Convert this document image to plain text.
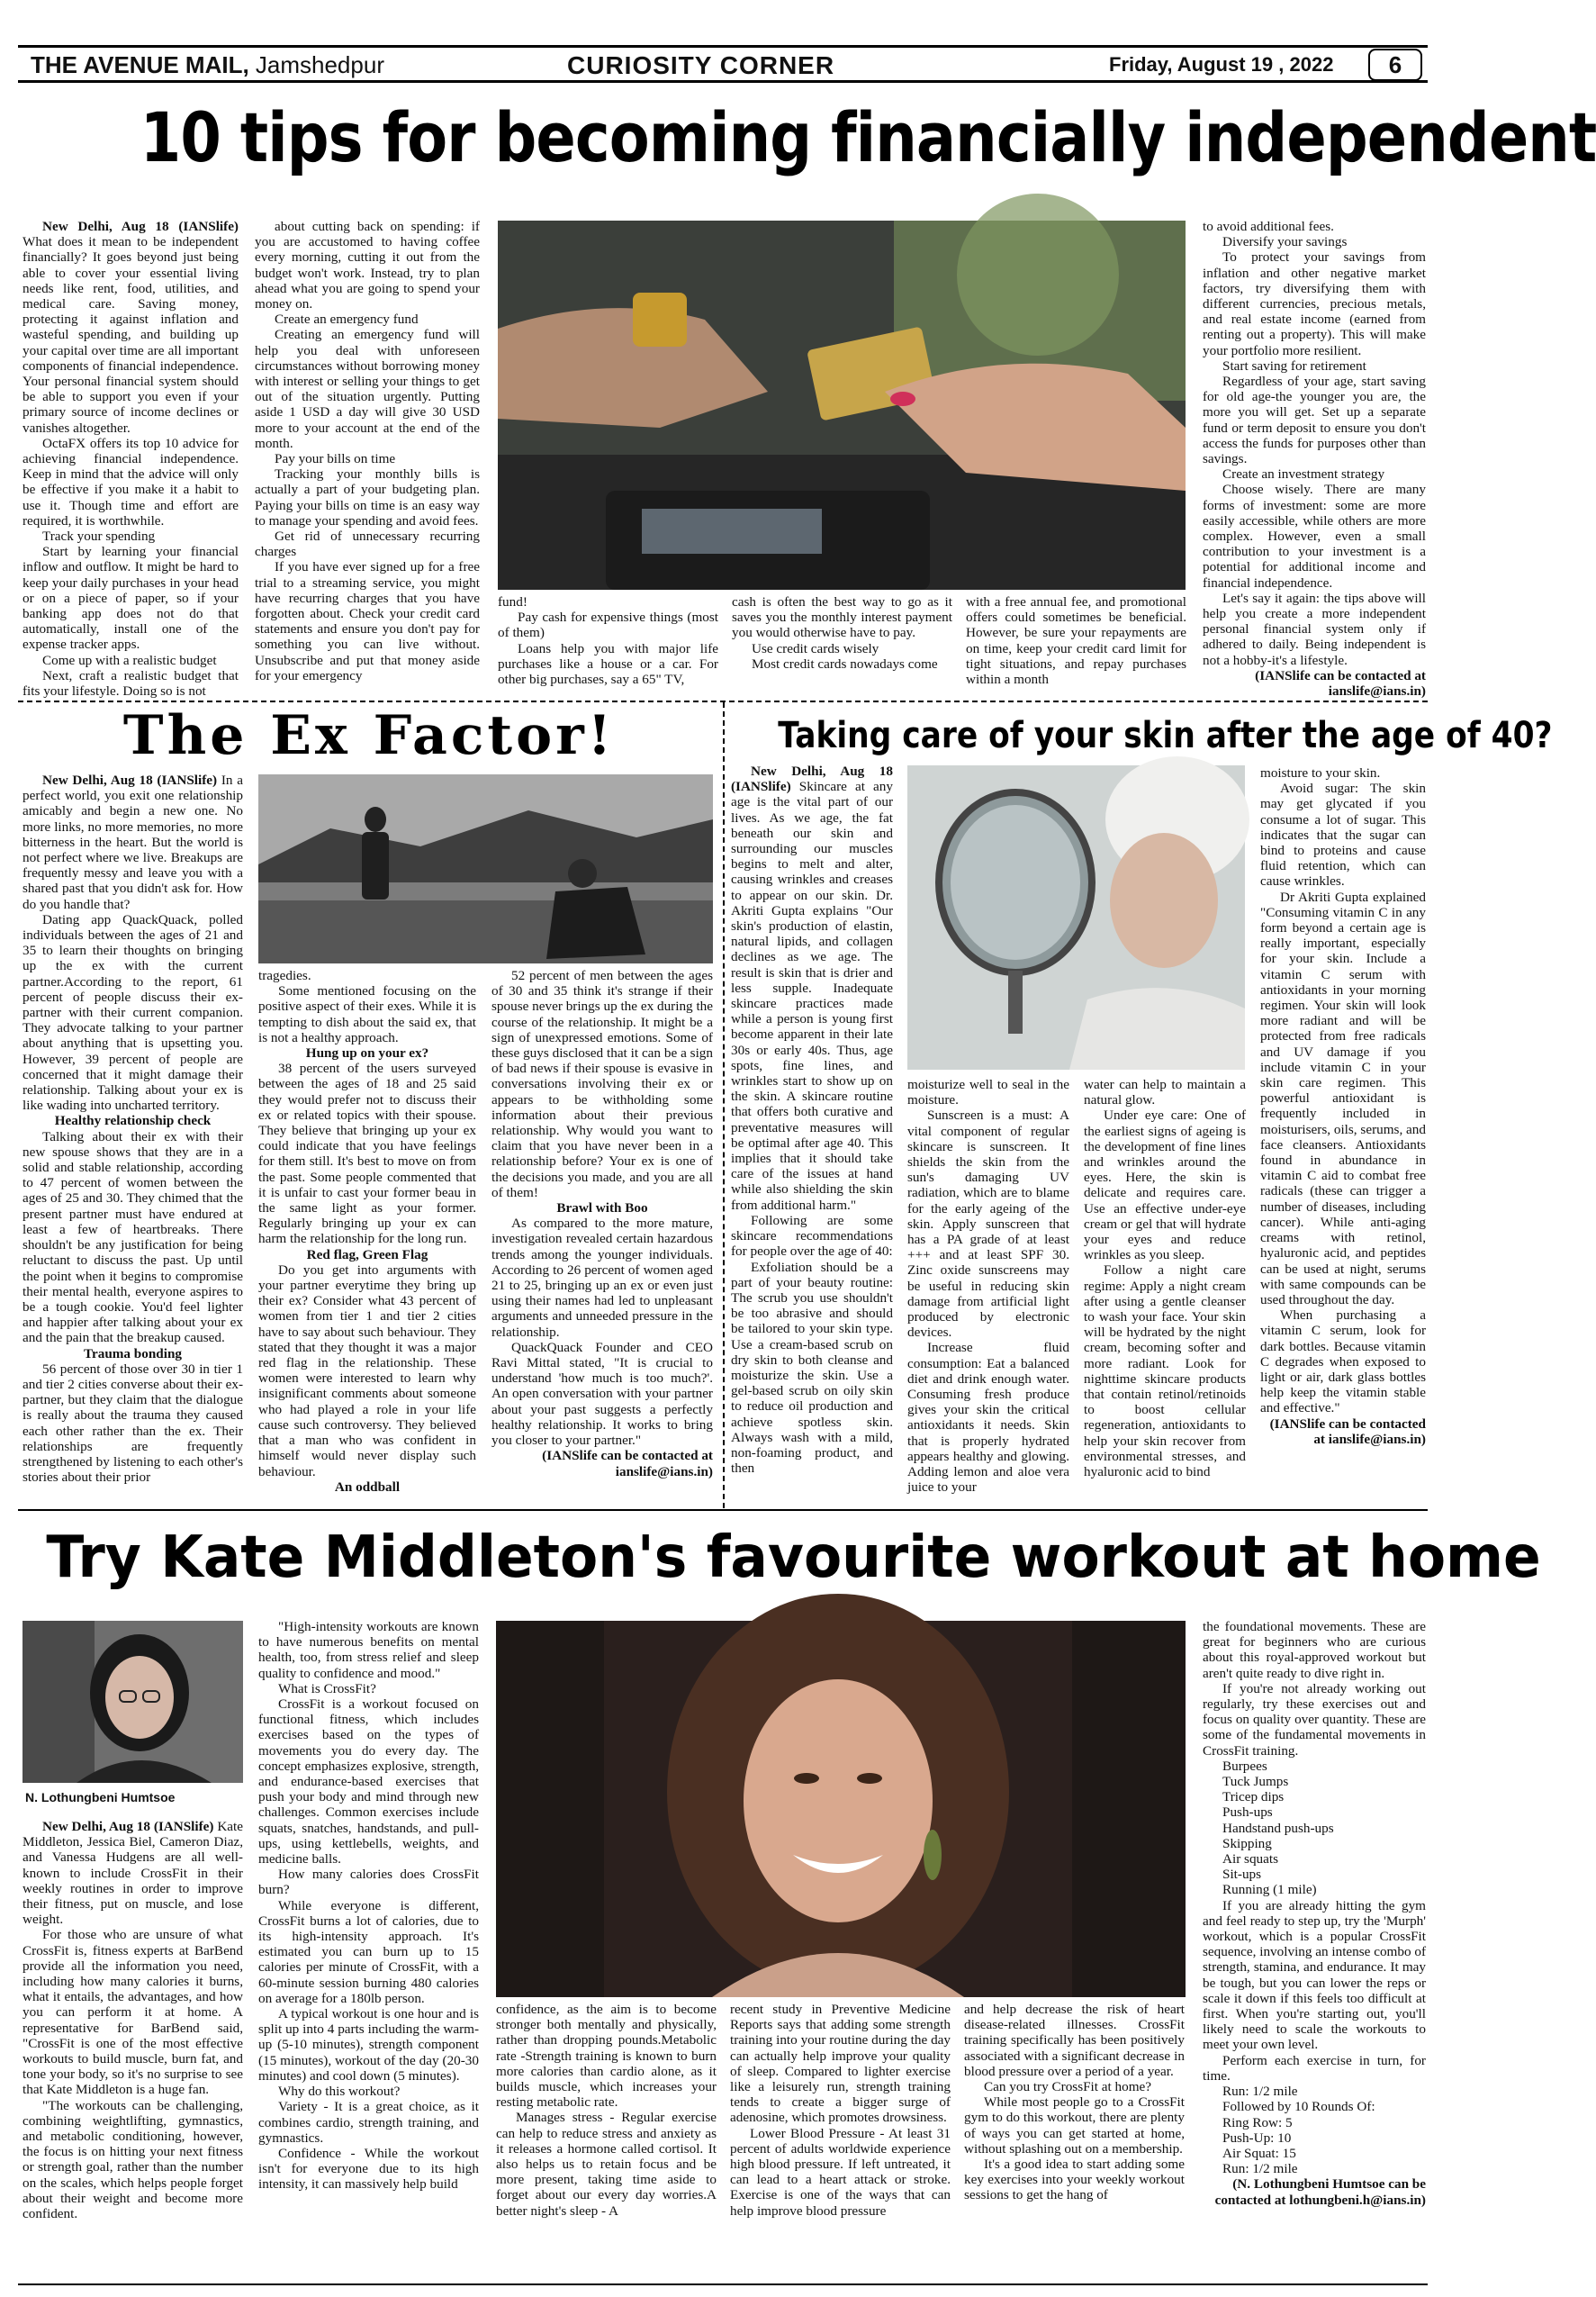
THE AVENUE MAIL, Jamshedpur	CURIOSITY CORNER	Friday, August 19 , 2022	6
10 tips for becoming financially independent

New Delhi, Aug 18 (IANSlife) What does it mean to be independent financially? It goes beyond just being able to cover your essential living needs like rent, food, utilities, and medical care. Saving money, protecting it against inflation and wasteful spending, and building up your capital over time are all important components of financial independence. Your personal financial system should be able to support you even if your primary source of income declines or vanishes altogether.

OctaFX offers its top 10 advice for achieving financial independence. Keep in mind that the advice will only be effective if you make it a habit to use it. Though time and effort are required, it is worthwhile.

Track your spending

Start by learning your financial inflow and outflow. It might be hard to keep your daily purchases in your head or on a piece of paper, so if your banking app does not do that automatically, install one of the expense tracker apps.

Come up with a realistic budget

Next, craft a realistic budget that fits your lifestyle. Doing so is not

about cutting back on spending: if you are accustomed to having coffee every morning, cutting it out from the budget won't work. Instead, try to plan ahead what you are going to spend your money on.

Create an emergency fund

Creating an emergency fund will help you deal with unforeseen circumstances without borrowing money with interest or selling your things to get out of the situation urgently. Putting aside 1 USD a day will give 30 USD more to your account at the end of the month.

Pay your bills on time

Tracking your monthly bills is actually a part of your budgeting plan. Paying your bills on time is an easy way to manage your spending and avoid fees.

Get rid of unnecessary recurring charges

If you have ever signed up for a free trial to a streaming service, you might have recurring charges that you have forgotten about. Check your credit card statements and ensure you don't pay for something you can live without. Unsubscribe and put that money aside for your emergency

fund!

Pay cash for expensive things (most of them)

Loans help you with major life purchases like a house or a car. For other big purchases, say a 65" TV,

cash is often the best way to go as it saves you the monthly interest payment you would otherwise have to pay.

Use credit cards wisely

Most credit cards nowadays come

with a free annual fee, and promotional offers could sometimes be beneficial. However, be sure your repayments are on time, keep your credit card limit for tight situations, and repay purchases within a month

to avoid additional fees.

Diversify your savings

To protect your savings from inflation and other negative market factors, try diversifying them with different currencies, precious metals, and real estate income (earned from renting out a property). This will make your portfolio more resilient.

Start saving for retirement

Regardless of your age, start saving for old age-the younger you are, the more you will get. Set up a separate fund or term deposit to ensure you don't access the funds for purposes other than savings.

Create an investment strategy

Choose wisely. There are many forms of investment: some are more easily accessible, while others are more complex. However, even a small contribution to your investment is a potential for additional income and financial independence.

Let's say it again: the tips above will help you create a more independent personal financial system only if adhered to daily. Being independent is not a hobby-it's a lifestyle.

(IANSlife can be contacted at ianslife@ians.in)

The Ex Factor!

New Delhi, Aug 18 (IANSlife) In a perfect world, you exit one relationship amicably and begin a new one. No more links, no more memories, no more bitterness in the heart. But the world is not perfect where we live. Breakups are frequently messy and leave you with a shared past that you didn't ask for. How do you handle that?

Dating app QuackQuack, polled individuals between the ages of 21 and 35 to learn their thoughts on bringing up the ex with the current partner.According to the report, 61 percent of people discuss their ex-partner with their current companion. They advocate talking to your partner about anything that is upsetting you. However, 39 percent of people are concerned that it might damage their relationship. Talking about your ex is like wading into uncharted territory.

Healthy relationship check

Talking about their ex with their new spouse shows that they are in a solid and stable relationship, according to 47 percent of women between the ages of 25 and 30. They chimed that the present partner must have endured at least a few of heartbreaks. There shouldn't be any justification for being reluctant to discuss the past. Up until the point when it begins to compromise their mental health, everyone aspires to be a tough cookie. You'd feel lighter and happier after talking about your ex and the pain that the breakup caused.

Trauma bonding

56 percent of those over 30 in tier 1 and tier 2 cities converse about their ex-partner, but they claim that the dialogue is really about the trauma they caused each other rather than the ex. Their relationships are frequently strengthened by listening to each other's stories about their prior

tragedies.

Some mentioned focusing on the positive aspect of their exes. While it is tempting to dish about the said ex, that is not a healthy approach.

Hung up on your ex?

38 percent of the users surveyed between the ages of 18 and 25 said they would prefer not to discuss their ex or related topics with their spouse. They believe that bringing up your ex could indicate that you have feelings for them still. It's best to move on from the past. Some people commented that it is unfair to cast your former beau in the same light as your former. Regularly bringing up your ex can harm the relationship for the long run.

Red flag, Green Flag

Do you get into arguments with your partner everytime they bring up their ex? Consider what 43 percent of women from tier 1 and tier 2 cities have to say about such behaviour. They stated that they thought it was a major red flag in the relationship. These women were interested to learn why insignificant comments about someone who had played a role in your life cause such controversy. They believed that a man who was confident in himself would never display such behaviour.

An oddball

52 percent of men between the ages of 30 and 35 think it's strange if their spouse never brings up the ex during the course of the relationship. It might be a sign of unexpressed emotions. Some of these guys disclosed that it can be a sign of bad news if their spouse is evasive in conversations involving their ex or appears to be withholding some information about their previous relationship. Why would you want to claim that you have never been in a relationship before? Your ex is one of the decisions you made, and you are all of them!

Brawl with Boo

As compared to the more mature, investigation revealed certain hazardous trends among the younger individuals. According to 26 percent of women aged 21 to 25, bringing up an ex or even just using their names had led to unpleasant arguments and unneeded pressure in the relationship.

QuackQuack Founder and CEO Ravi Mittal stated, "It is crucial to understand 'how much is too much?'. An open conversation with your partner about your past suggests a perfectly healthy relationship. It works to bring you closer to your partner."

(IANSlife can be contacted at ianslife@ians.in)

Taking care of your skin after the age of 40?

New Delhi, Aug 18 (IANSlife) Skincare at any age is the vital part of our lives. As we age, the fat beneath our skin and surrounding our muscles begins to melt and alter, causing wrinkles and creases to appear on our skin. Dr. Akriti Gupta explains "Our skin's production of elastin, natural lipids, and collagen declines as we age. The result is skin that is drier and less supple. Inadequate skincare practices made while a person is young first become apparent in their late 30s or early 40s. Thus, age spots, fine lines, and wrinkles start to show up on the skin. A skincare routine that offers both curative and preventative measures will be optimal after age 40. This implies that it should take care of the issues at hand while also shielding the skin from additional harm."

Following are some skincare recommendations for people over the age of 40:

Exfoliation should be a part of your beauty routine: The scrub you use shouldn't be too abrasive and should be tailored to your skin type. Use a cream-based scrub on dry skin to both cleanse and moisturize the skin. Use a gel-based scrub on oily skin to reduce oil production and achieve spotless skin. Always wash with a mild, non-foaming product, and then

moisturize well to seal in the moisture.

Sunscreen is a must: A vital component of regular skincare is sunscreen. It shields the skin from the sun's damaging UV radiation, which are to blame for the early ageing of the skin. Apply sunscreen that has a PA grade of at least +++ and at least SPF 30. Zinc oxide sunscreens may be useful in reducing skin damage from artificial light produced by electronic devices.

Increase fluid consumption: Eat a balanced diet and drink enough water. Consuming fresh produce gives your skin the critical antioxidants it needs. Skin that is properly hydrated appears healthy and glowing. Adding lemon and aloe vera juice to your

water can help to maintain a natural glow.

Under eye care: One of the earliest signs of ageing is the development of fine lines and wrinkles around the eyes. Here, the skin is delicate and requires care. Use an effective under-eye cream or gel that will hydrate your eyes and reduce wrinkles as you sleep.

Follow a night care regime: Apply a night cream after using a gentle cleanser to wash your face. Your skin will be hydrated by the night cream, becoming softer and more radiant. Look for nighttime skincare products that contain retinol/retinoids to boost cellular regeneration, antioxidants to help your skin recover from environmental stresses, and hyaluronic acid to bind

moisture to your skin.

Avoid sugar: The skin may get glycated if you consume a lot of sugar. This indicates that the sugar can bind to proteins and cause fluid retention, which can cause wrinkles.

Dr Akriti Gupta explained "Consuming vitamin C in any form beyond a certain age is really important, especially for your skin. Include a vitamin C serum with antioxidants in your morning regimen. Your skin will look more radiant and will be protected from free radicals and UV damage if you include vitamin C in your skin care regimen. This powerful antioxidant is frequently included in moisturisers, oils, serums, and face cleansers. Antioxidants found in abundance in vitamin C aid to combat free radicals (these can trigger a number of diseases, including cancer). While anti-aging creams with retinol, hyaluronic acid, and peptides can be used at night, serums with same compounds can be used throughout the day.

When purchasing a vitamin C serum, look for dark bottles. Because vitamin C degrades when exposed to light or air, dark glass bottles help keep the vitamin stable and effective."

(IANSlife can be contacted at ianslife@ians.in)

Try Kate Middleton's favourite workout at home
N. Lothungbeni Humtsoe

New Delhi, Aug 18 (IANSlife) Kate Middleton, Jessica Biel, Cameron Diaz, and Vanessa Hudgens are all well-known to include CrossFit in their weekly routines in order to improve their fitness, put on muscle, and lose weight.

For those who are unsure of what CrossFit is, fitness experts at BarBend provide all the information you need, including how many calories it burns, what it entails, the advantages, and how you can perform it at home. A representative for BarBend said, "CrossFit is one of the most effective workouts to build muscle, burn fat, and tone your body, so it's no surprise to see that Kate Middleton is a huge fan.

"The workouts can be challenging, combining weightlifting, gymnastics, and metabolic conditioning, however, the focus is on hitting your next fitness or strength goal, rather than the number on the scales, which helps people forget about their weight and become more confident.

"High-intensity workouts are known to have numerous benefits on mental health, too, from stress relief and sleep quality to confidence and mood."

What is CrossFit?

CrossFit is a workout focused on functional fitness, which includes exercises based on the types of movements you do every day. The concept emphasizes explosive, strength, and endurance-based exercises that push your body and mind through new challenges. Common exercises include squats, snatches, handstands, and pull-ups, using kettlebells, weights, and medicine balls.

How many calories does CrossFit burn?

While everyone is different, CrossFit burns a lot of calories, due to its high-intensity approach. It's estimated you can burn up to 15 calories per minute of CrossFit, with a 60-minute session burning 480 calories on average for a 180lb person.

A typical workout is one hour and is split up into 4 parts including the warm-up (5-10 minutes), strength component (15 minutes), workout of the day (20-30 minutes) and cool down (5 minutes).

Why do this workout?

Variety - It is a great choice, as it combines cardio, strength training, and gymnastics.

Confidence - While the workout isn't for everyone due to its high intensity, it can massively help build

confidence, as the aim is to become stronger both mentally and physically, rather than dropping pounds.Metabolic rate -Strength training is known to burn more calories than cardio alone, as it builds muscle, which increases your resting metabolic rate.

Manages stress - Regular exercise can help to reduce stress and anxiety as it releases a hormone called cortisol. It also helps us to retain focus and be more present, taking time aside to forget about our every day worries.A better night's sleep - A

recent study in Preventive Medicine Reports says that adding some strength training into your routine during the day can actually help improve your quality of sleep. Compared to lighter exercise like a leisurely run, strength training tends to create a bigger surge of adenosine, which promotes drowsiness.

Lower Blood Pressure - At least 31 percent of adults worldwide experience high blood pressure. If left untreated, it can lead to a heart attack or stroke. Exercise is one of the ways that can help improve blood pressure

and help decrease the risk of heart disease-related illnesses. CrossFit training specifically has been positively associated with a significant decrease in blood pressure over a period of a year.

Can you try CrossFit at home?

While most people go to a CrossFit gym to do this workout, there are plenty of ways you can get started at home, without splashing out on a membership.

It's a good idea to start adding some key exercises into your weekly workout sessions to get the hang of

the foundational movements. These are great for beginners who are curious about this royal-approved workout but aren't quite ready to dive right in.

If you're not already working out regularly, try these exercises out and focus on quality over quantity. These are some of the fundamental movements in CrossFit training.

Burpees

Tuck Jumps

Tricep dips

Push-ups

Handstand push-ups

Skipping

Air squats

Sit-ups

Running (1 mile)

If you are already hitting the gym and feel ready to step up, try the 'Murph' workout, which is a popular CrossFit sequence, involving an intense combo of strength, stamina, and endurance. It may be tough, but you can lower the reps or scale it down if this feels too difficult at first. When you're starting out, you'll likely need to scale the workouts to meet your own level.

Perform each exercise in turn, for time.

Run: 1/2 mile

Followed by 10 Rounds Of:

Ring Row: 5

Push-Up: 10

Air Squat: 15

Run: 1/2 mile

(N. Lothungbeni Humtsoe can be contacted at lothungbeni.h@ians.in)
